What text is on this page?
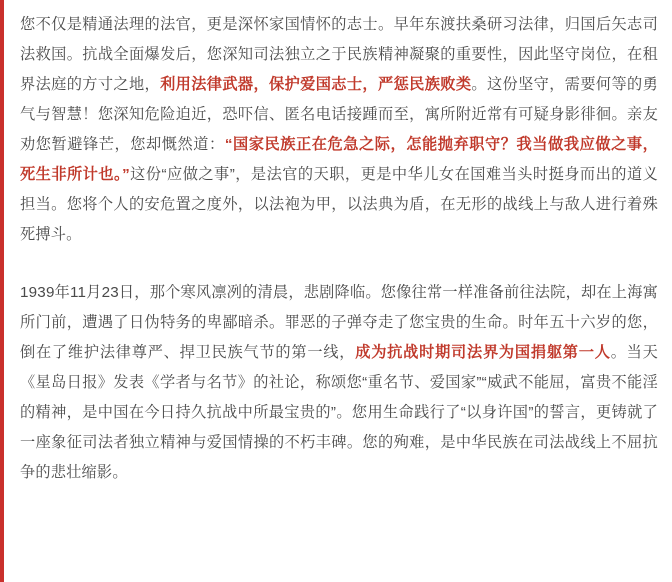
您不仅是精通法理的法官，更是深怀家国情怀的志士。早年东渡扶桑研习法律，归国后矢志司法救国。抗战全面爆发后，您深知司法独立之于民族精神凝聚的重要性，因此坚守岗位，在租界法庭的方寸之地，利用法律武器，保护爱国志士，严惩民族败类。这份坚守，需要何等的勇气与智慧！您深知危险迫近，恐吓信、匿名电话接踵而至，寓所附近常有可疑身影徘徊。亲友劝您暂避锋芒，您却慨然道：“国家民族正在危急之际，怎能抛弃职守？我当做我应做之事，死生非所计也。”这份“应做之事”，是法官的天职，更是中华儿女在国难当头时挺身而出的道义担当。您将个人的安危置之度外，以法袍为甲，以法典为盾，在无形的战线上与敌人进行着殊死搏斗。

1939年11月23日，那个寒风凛冽的清晨，悲剧降临。您像往常一样准备前往法院，却在上海寓所门前，遭遇了日伪特务的卑鄙暗杀。罪恶的子弹夺走了您宝贵的生命。时年五十六岁的您，倒在了维护法律尊严、捍卫民族气节的第一线，成为抗战时期司法界为国捐躯第一人。当天《星岛日报》发表《学者与名节》的社论，称颂您“重名节、爱国家”“威武不能屈，富贵不能淫的精神，是中国在今日持久抗战中所最宝贵的”。您用生命践行了“以身许国”的誓言，更铸就了一座象征司法者独立精神与爱国情操的不朽丰碑。您的殉难，是中华民族在司法战线上不屈抗争的悲壮缩影。
